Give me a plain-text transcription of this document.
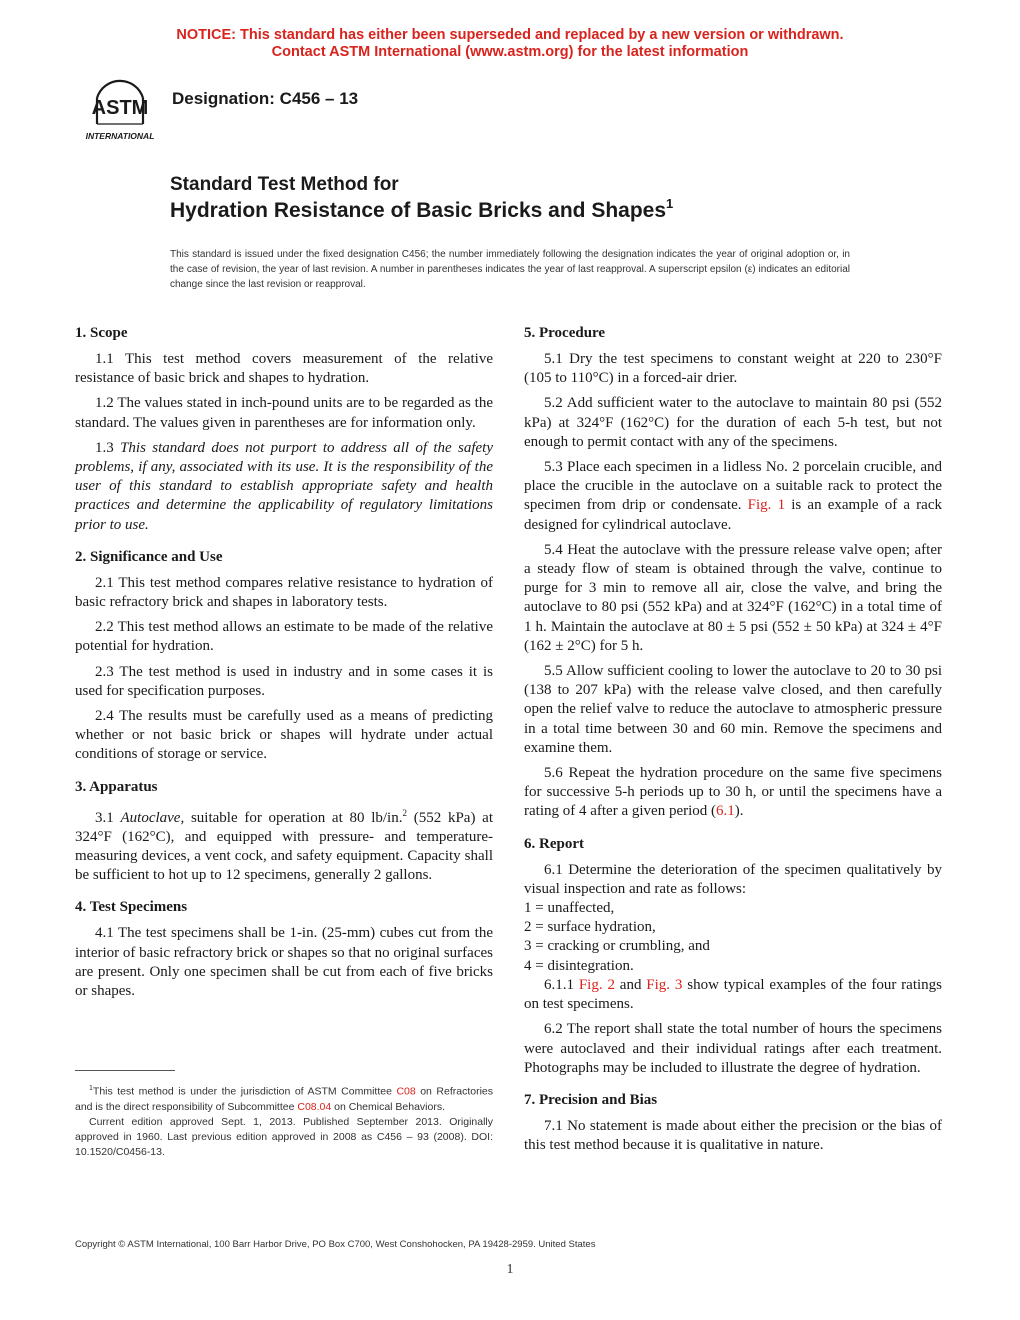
NOTICE: This standard has either been superseded and replaced by a new version or withdrawn.
Contact ASTM International (www.astm.org) for the latest information
ASTM
INTERNATIONAL
Designation: C456 – 13
Standard Test Method for
Hydration Resistance of Basic Bricks and Shapes$^1$
This standard is issued under the fixed designation C456; the number immediately following the designation indicates the year of original adoption or, in the case of revision, the year of last revision. A number in parentheses indicates the year of last reapproval. A superscript epsilon (ε) indicates an editorial change since the last revision or reapproval.
1. Scope

1.1 This test method covers measurement of the relative resistance of basic brick and shapes to hydration.

1.2 The values stated in inch-pound units are to be regarded as the standard. The values given in parentheses are for information only.

1.3 This standard does not purport to address all of the safety problems, if any, associated with its use. It is the responsibility of the user of this standard to establish appropriate safety and health practices and determine the applicability of regulatory limitations prior to use.

2. Significance and Use

2.1 This test method compares relative resistance to hydration of basic refractory brick and shapes in laboratory tests.

2.2 This test method allows an estimate to be made of the relative potential for hydration.

2.3 The test method is used in industry and in some cases it is used for specification purposes.

2.4 The results must be carefully used as a means of predicting whether or not basic brick or shapes will hydrate under actual conditions of storage or service.

3. Apparatus

3.1 Autoclave, suitable for operation at 80 lb/in.$^2$ (552 kPa) at 324°F (162°C), and equipped with pressure- and temperature-measuring devices, a vent cock, and safety equipment. Capacity shall be sufficient to hot up to 12 specimens, generally 2 gallons.

4. Test Specimens

4.1 The test specimens shall be 1-in. (25-mm) cubes cut from the interior of basic refractory brick or shapes so that no original surfaces are present. Only one specimen shall be cut from each of five bricks or shapes.

5. Procedure

5.1 Dry the test specimens to constant weight at 220 to 230°F (105 to 110°C) in a forced-air drier.

5.2 Add sufficient water to the autoclave to maintain 80 psi (552 kPa) at 324°F (162°C) for the duration of each 5-h test, but not enough to permit contact with any of the specimens.

5.3 Place each specimen in a lidless No. 2 porcelain crucible, and place the crucible in the autoclave on a suitable rack to protect the specimen from drip or condensate. Fig. 1 is an example of a rack designed for cylindrical autoclave.

5.4 Heat the autoclave with the pressure release valve open; after a steady flow of steam is obtained through the valve, continue to purge for 3 min to remove all air, close the valve, and bring the autoclave to 80 psi (552 kPa) and at 324°F (162°C) in a total time of 1 h. Maintain the autoclave at 80 ± 5 psi (552 ± 50 kPa) at 324 ± 4°F (162 ± 2°C) for 5 h.

5.5 Allow sufficient cooling to lower the autoclave to 20 to 30 psi (138 to 207 kPa) with the release valve closed, and then carefully open the relief valve to reduce the autoclave to atmospheric pressure in a total time between 30 and 60 min. Remove the specimens and examine them.

5.6 Repeat the hydration procedure on the same five specimens for successive 5-h periods up to 30 h, or until the specimens have a rating of 4 after a given period (6.1).

6. Report

6.1 Determine the deterioration of the specimen qualitatively by visual inspection and rate as follows:

1 = unaffected,

2 = surface hydration,

3 = cracking or crumbling, and

4 = disintegration.

6.1.1 Fig. 2 and Fig. 3 show typical examples of the four ratings on test specimens.

6.2 The report shall state the total number of hours the specimens were autoclaved and their individual ratings after each treatment. Photographs may be included to illustrate the degree of hydration.

7. Precision and Bias

7.1 No statement is made about either the precision or the bias of this test method because it is qualitative in nature.

$^1$This test method is under the jurisdiction of ASTM Committee C08 on Refractories and is the direct responsibility of Subcommittee C08.04 on Chemical Behaviors.

Current edition approved Sept. 1, 2013. Published September 2013. Originally approved in 1960. Last previous edition approved in 2008 as C456 – 93 (2008). DOI: 10.1520/C0456-13.

Copyright © ASTM International, 100 Barr Harbor Drive, PO Box C700, West Conshohocken, PA 19428-2959. United States
1
